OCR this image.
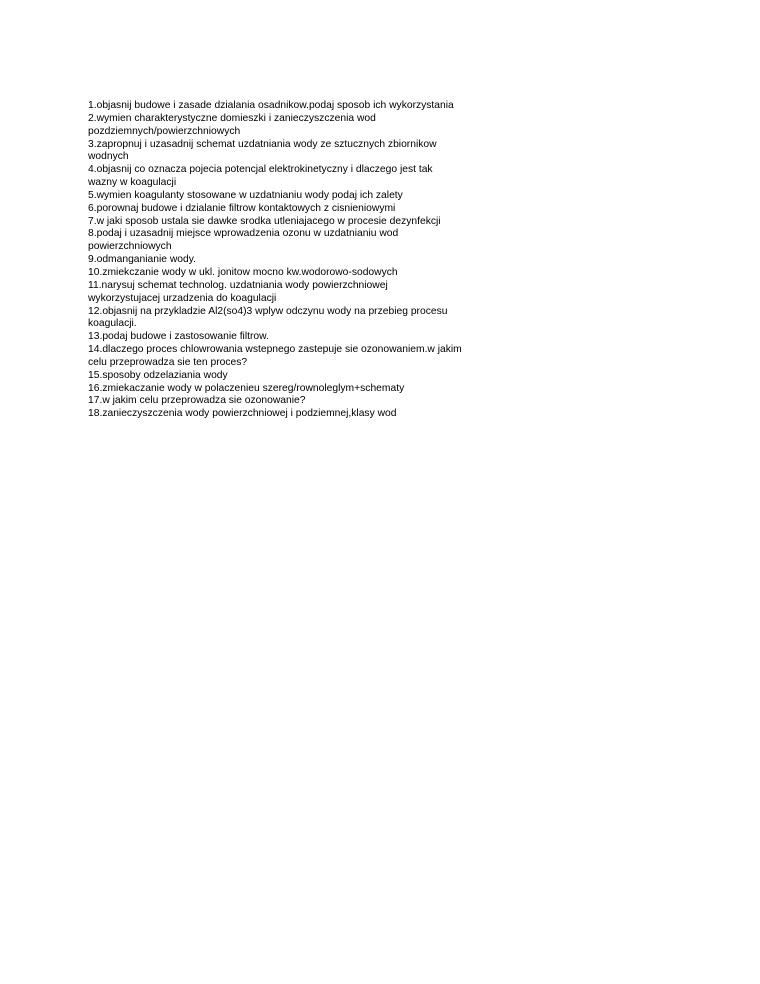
1.objasnij budowe i zasade dzialania osadnikow.podaj sposob ich wykorzystania
2.wymien charakterystyczne domieszki i zanieczyszczenia wod
pozdziemnych/powierzchniowych
3.zapropnuj i uzasadnij schemat uzdatniania wody ze sztucznych zbiornikow
wodnych
4.objasnij co oznacza pojecia potencjal elektrokinetyczny i dlaczego jest tak
wazny w koagulacji
5.wymien koagulanty stosowane w uzdatnianiu wody podaj ich zalety
6.porownaj budowe i dzialanie filtrow kontaktowych z cisnieniowymi
7.w jaki sposob ustala sie dawke srodka utleniajacego w procesie dezynfekcji
8.podaj i uzasadnij miejsce wprowadzenia ozonu w uzdatnianiu wod
powierzchniowych
9.odmanganianie wody.
10.zmiekczanie wody w ukl. jonitow mocno kw.wodorowo-sodowych
11.narysuj schemat technolog. uzdatniania wody powierzchniowej
wykorzystujacej urzadzenia do koagulacji
12.objasnij na przykladzie Al2(so4)3 wplyw odczynu wody na przebieg procesu
koagulacji.
13.podaj budowe i zastosowanie filtrow.
14.dlaczego proces chlowrowania wstepnego zastepuje sie ozonowaniem.w jakim
celu przeprowadza sie ten proces?
15.sposoby odzelaziania wody
16.zmiekaczanie wody w polaczenieu szereg/rownoleglym+schematy
17.w jakim celu przeprowadza sie ozonowanie?
18.zanieczyszczenia wody powierzchniowej i podziemnej,klasy wod
